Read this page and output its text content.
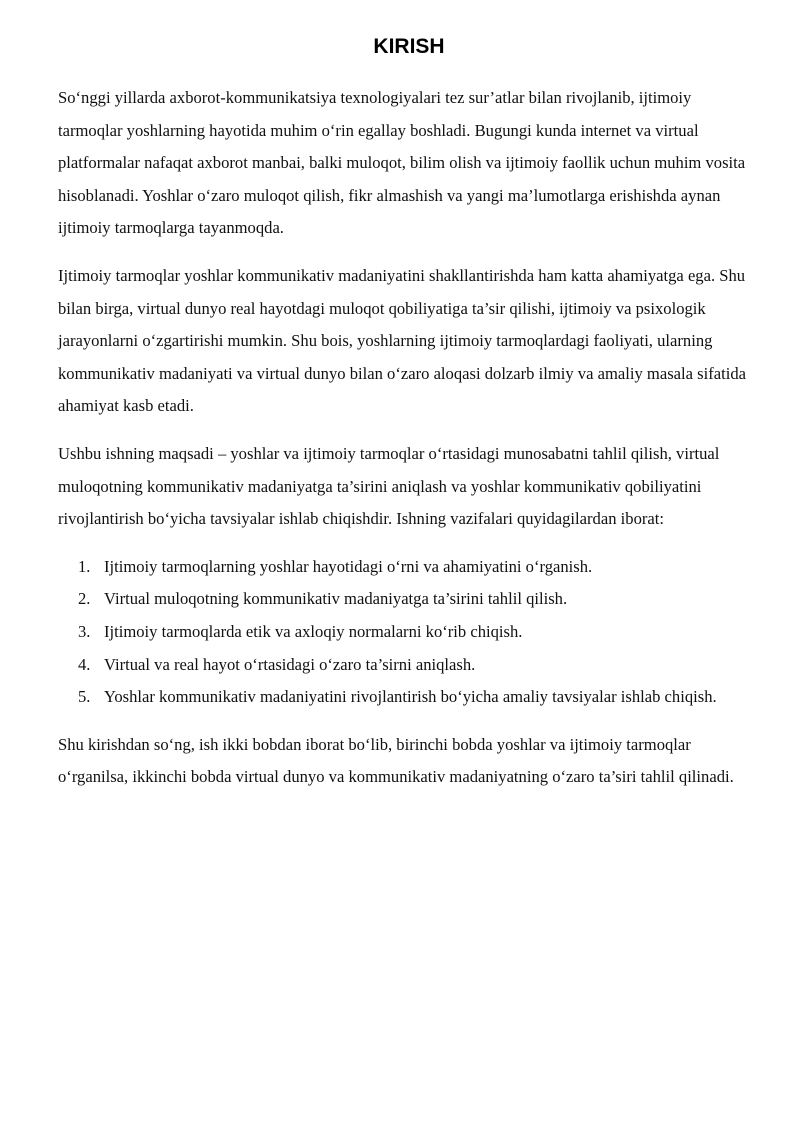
KIRISH

So‘nggi yillarda axborot-kommunikatsiya texnologiyalari tez sur’atlar bilan rivojlanib, ijtimoiy tarmoqlar yoshlarning hayotida muhim o‘rin egallay boshladi. Bugungi kunda internet va virtual platformalar nafaqat axborot manbai, balki muloqot, bilim olish va ijtimoiy faollik uchun muhim vosita hisoblanadi. Yoshlar o‘zaro muloqot qilish, fikr almashish va yangi ma’lumotlarga erishishda aynan ijtimoiy tarmoqlarga tayanmoqda.

Ijtimoiy tarmoqlar yoshlar kommunikativ madaniyatini shakllantirishda ham katta ahamiyatga ega. Shu bilan birga, virtual dunyo real hayotdagi muloqot qobiliyatiga ta’sir qilishi, ijtimoiy va psixologik jarayonlarni o‘zgartirishi mumkin. Shu bois, yoshlarning ijtimoiy tarmoqlardagi faoliyati, ularning kommunikativ madaniyati va virtual dunyo bilan o‘zaro aloqasi dolzarb ilmiy va amaliy masala sifatida ahamiyat kasb etadi.

Ushbu ishning maqsadi – yoshlar va ijtimoiy tarmoqlar o‘rtasidagi munosabatni tahlil qilish, virtual muloqotning kommunikativ madaniyatga ta’sirini aniqlash va yoshlar kommunikativ qobiliyatini rivojlantirish bo‘yicha tavsiyalar ishlab chiqishdir. Ishning vazifalari quyidagilardan iborat:

1. Ijtimoiy tarmoqlarning yoshlar hayotidagi o‘rni va ahamiyatini o‘rganish.
2. Virtual muloqotning kommunikativ madaniyatga ta’sirini tahlil qilish.
3. Ijtimoiy tarmoqlarda etik va axloqiy normalarni ko‘rib chiqish.
4. Virtual va real hayot o‘rtasidagi o‘zaro ta’sirni aniqlash.
5. Yoshlar kommunikativ madaniyatini rivojlantirish bo‘yicha amaliy tavsiyalar ishlab chiqish.

Shu kirishdan so‘ng, ish ikki bobdan iborat bo‘lib, birinchi bobda yoshlar va ijtimoiy tarmoqlar o‘rganilsa, ikkinchi bobda virtual dunyo va kommunikativ madaniyatning o‘zaro ta’siri tahlil qilinadi.
